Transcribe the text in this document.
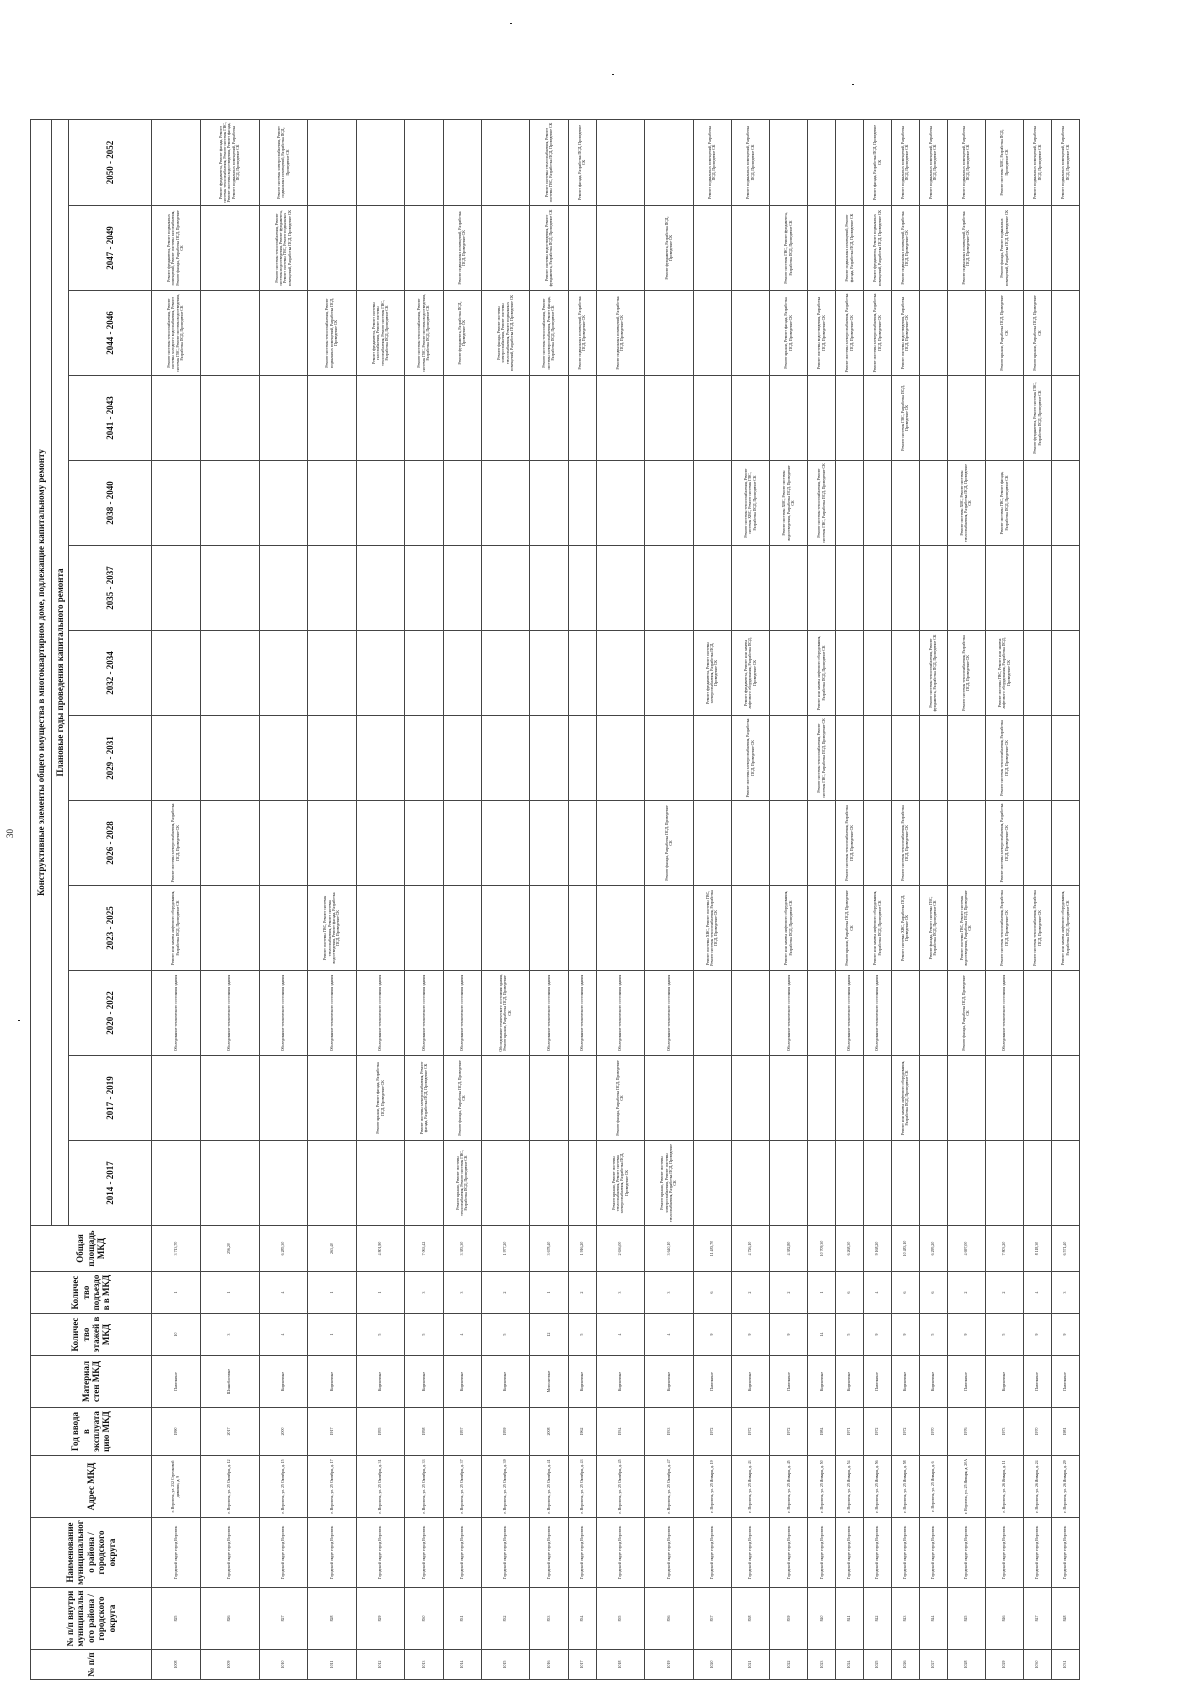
30
№ п/п	№ п/п внутри муниципального района / городского округа	Наименование муниципального района / городского округа	Адрес МКД	Год ввода в эксплуатацию МКД	Материал стен МКД	Количество этажей в МКД	Количество подъездов в МКД	Общая площадь МКД	Конструктивные элементы общего имущества в многоквартирном доме, подлежащие капитальному ремонту												
									Плановые годы проведения капитального ремонта												
									2014 - 2017	2017 - 2019	2020 - 2022	2023 - 2025	2026 - 2028	2029 - 2031	2032 - 2034	2035 - 2037	2038 - 2040	2041 - 2043	2044 - 2046	2047 - 2049	2050 - 2052
1008	825	Городской округ город Воронеж	г. Воронеж, ул. 232 Стрелковой дивизии, д. 9	1990	Панельные	10	1	3 713,70			Обследование технического состояния здания	Ремонт или замена лифтового оборудования, Разработка ПСД, Проведение СК	Ремонт системы электроснабжения, Разработка ПСД, Проведение СК						Ремонт системы теплоснабжения, Ремонт системы холодного водоснабжения, Ремонт системы ГВС, Ремонт системы водоотведения, Разработка ПСД, Проведение СК	Ремонт фундамента, Ремонт подвальных помещений, Ремонт системы газоснабжения, Ремонт фасада, Разработка ПСД, Проведение СК	
1009	826	Городской округ город Воронеж	г. Воронеж, ул. 25 Октября, д. 12	2017	Шлакоблочные	3	1	256,20			Обследование технического состояния здания										Ремонт фундамента, Ремонт фасада, Ремонт системы теплоснабжения, Ремонт системы ГВС, Ремонт системы водоотведения, Ремонт фасада, Ремонт подвальных помещений, Разработка ПСД, Проведение СК
1010	827	Городской округ город Воронеж	г. Воронеж, ул. 25 Октября, д. 15	2000	Кирпичные	4	4	6 285,30			Обследование технического состояния здания									Ремонт системы теплоснабжения, Ремонт системы водоотведения, Ремонт фундамента, Ремонт системы ГВС, Ремонт подвальных помещений, Разработка ПСД, Проведение СК	Ремонт системы электроснабжения, Ремонт подвальных помещений, Разработка ПСД, Проведение СК
1011	828	Городской округ город Воронеж	г. Воронеж, ул. 25 Октября, д. 17	1917	Кирпичные	1	1	263,40			Обследование технического состояния здания	Ремонт системы ГВС, Ремонт системы теплоснабжения, Ремонт системы водоотведения, Ремонт фасада, Разработка ПСД, Проведение СК							Ремонт системы теплоснабжения, Ремонт подвальных помещений, Разработка ПСД, Проведение СК		
1012	829	Городской округ город Воронеж	г. Воронеж, ул. 25 Октября, д. 31	1955	Кирпичные	5	1	4 801,90		Ремонт крыши, Ремонт фасада, Разработка ПСД, Проведение СК	Обследование технического состояния здания								Ремонт фундамента, Ремонт системы газоснабжения, Ремонт системы теплоснабжения, Ремонт системы ГВС, Разработка ПСД, Проведение СК		
1013	830	Городской округ город Воронеж	г. Воронеж, ул. 25 Октября, д. 33	1958	Кирпичные	5	3	7 063,42		Ремонт системы электроснабжения, Ремонт фасада, Разработка ПСД, Проведение СК	Обследование технического состояния здания								Ремонт системы теплоснабжения, Ремонт системы ГВС, Ремонт системы водоотведения, Разработка ПСД, Проведение СК		
1014	831	Городской округ город Воронеж	г. Воронеж, ул. 25 Октября, д. 37	1957	Кирпичные	4	3	3 383,30	Ремонт крыши, Ремонт системы теплоснабжения, Ремонт системы ГВС, Разработка ПСД, Проведение СК	Ремонт фасада, Разработка ПСД, Проведение СК	Обследование технического состояния здания								Ремонт фундамента, Разработка ПСД, Проведение СК	Ремонт подвальных помещений, Разработка ПСД, Проведение СК	
1015	832	Городской округ город Воронеж	г. Воронеж, ул. 25 Октября, д. 39	1959	Кирпичные	5	2	1 977,20			Обследование технического состояния здания, Ремонт крыши, Разработка ПСД, Проведение СК								Ремонт фасада, Ремонт системы электроснабжения, Ремонт системы теплоснабжения, Ремонт подвальных помещений, Разработка ПСД, Проведение СК		
1016	833	Городской округ город Воронеж	г. Воронеж, ул. 25 Октября, д. 41	2008	Монолитные	12	1	3 678,40			Обследование технического состояния здания								Ремонт системы теплоснабжения, Ремонт системы электроснабжения, Ремонт фасада, Разработка ПСД, Проведение СК	Ремонт системы водоотведения, Ремонт фундамента, Разработка ПСД, Проведение СК	Ремонт системы теплоснабжения, Ремонт системы ГВС, Разработка ПСД, Проведение СК
1017	834	Городской округ город Воронеж	г. Воронеж, ул. 25 Октября, д. 43	1962	Кирпичные	5	2	1 916,20			Обследование технического состояния здания								Ремонт подвальных помещений, Разработка ПСД, Проведение СК		Ремонт фасада, Разработка ПСД, Проведение СК
1018	835	Городской округ город Воронеж	г. Воронеж, ул. 25 Октября, д. 45	1934	Кирпичные	4	3	2 636,00	Ремонт крыши, Ремонт системы теплоснабжения, Ремонт системы электроснабжения, Разработка ПСД, Проведение СК	Ремонт фасада, Разработка ПСД, Проведение СК	Обследование технического состояния здания								Ремонт подвальных помещений, Разработка ПСД, Проведение СК		
1019	836	Городской округ город Воронеж	г. Воронеж, ул. 25 Октября, д. 47	1933	Кирпичные	4	3	3 640,10	Ремонт крыши, Ремонт системы электроснабжения, Ремонт системы теплоснабжения, Разработка ПСД, Проведение СК		Обследование технического состояния здания		Ремонт фасада, Разработка ПСД, Проведение СК							Ремонт фундамента, Разработка ПСД, Проведение СК	
1020	837	Городской округ город Воронеж	г. Воронеж, ул. 25 Января, д. 19	1972	Панельные	9	6	11 483,70				Ремонт системы ХВС, Ремонт системы ГВС, Ремонт системы теплоснабжения, Разработка ПСД, Проведение СК			Ремонт фундамента, Ремонт системы электроснабжения, Разработка ПСД, Проведение СК						Ремонт подвальных помещений, Разработка ПСД, Проведение СК
1021	838	Городской округ город Воронеж	г. Воронеж, ул. 25 Января, д. 43	1972	Кирпичные	9	2	4 726,10						Ремонт системы электроснабжения, Разработка ПСД, Проведение СК	Ремонт фундамента, Ремонт или замена лифтового оборудования, Разработка ПСД, Проведение СК		Ремонт системы теплоснабжения, Ремонт системы ХВС, Ремонт системы ГВС, Разработка ПСД, Проведение СК				Ремонт подвальных помещений, Разработка ПСД, Проведение СК
1022	839	Городской округ город Воронеж	г. Воронеж, ул. 25 Января, д. 45	1972	Панельные	9	2	4 382,80			Обследование технического состояния здания	Ремонт или замена лифтового оборудования, Разработка ПСД, Проведение СК					Ремонт системы ХВС, Ремонт системы водоотведения, Разработка ПСД, Проведение СК		Ремонт крыши, Ремонт фасада, Разработка ПСД, Проведение СК	Ремонт системы ГВС, Ремонт фундамента, Разработка ПСД, Проведение СК	
1023	840	Городской округ город Воронеж	г. Воронеж, ул. 25 Января, д. 50	1984	Кирпичные	14	1	10 709,30						Ремонт системы теплоснабжения, Ремонт системы ГВС, Разработка ПСД, Проведение СК	Ремонт или замена лифтового оборудования, Разработка ПСД, Проведение СК		Ремонт системы теплоснабжения, Ремонт системы ГВС, Разработка ПСД, Проведение СК		Ремонт системы водоотведения, Разработка ПСД, Проведение СК		
1024	841	Городской округ город Воронеж	г. Воронеж, ул. 25 Января, д. 54	1971	Кирпичные	5	6	6 268,30			Обследование технического состояния здания	Ремонт крыши, Разработка ПСД, Проведение СК	Ремонт системы теплоснабжения, Разработка ПСД, Проведение СК						Ремонт системы электроснабжения, Разработка ПСД, Проведение СК	Ремонт подвальных помещений, Ремонт фасада, Разработка ПСД, Проведение СК	
1025	842	Городской округ город Воронеж	г. Воронеж, ул. 25 Января, д. 56	1972	Панельные	9	4	9 168,20			Обследование технического состояния здания	Ремонт или замена лифтового оборудования, Разработка ПСД, Проведение СК							Ремонт системы электроснабжения, Разработка ПСД, Проведение СК	Ремонт фундамента, Ремонт подвальных помещений, Разработка ПСД, Проведение СК	Ремонт фасада, Разработка ПСД, Проведение СК
1026	843	Городской округ город Воронеж	г. Воронеж, ул. 25 Января, д. 58	1972	Кирпичные	9	6	10 483,10		Ремонт или замена лифтового оборудования, Разработка ПСД, Проведение СК		Ремонт системы ХВС, Разработка ПСД, Проведение СК	Ремонт системы теплоснабжения, Разработка ПСД, Проведение СК					Ремонт системы ГВС, Разработка ПСД, Проведение СК	Ремонт системы водоотведения, Разработка ПСД, Проведение СК	Ремонт подвальных помещений, Разработка ПСД, Проведение СК	Ремонт подвальных помещений, Разработка ПСД, Проведение СК
1027	844	Городской округ город Воронеж	г. Воронеж, ул. 25 Января, д. 6	1970	Кирпичные	5	6	6 295,20				Ремонт фасада, Ремонт системы ГВС, Разработка ПСД, Проведение СК			Ремонт системы теплоснабжения, Ремонт фундамента, Разработка ПСД, Проведение СК						Ремонт подвальных помещений, Разработка ПСД, Проведение СК
1028	845	Городской округ город Воронеж	г. Воронеж, ул. 25 Января, д. 20А	1976	Панельные	9	2	4 697,00			Ремонт фасада, Разработка ПСД, Проведение СК	Ремонт системы ГВС, Ремонт системы водоотведения, Разработка ПСД, Проведение СК			Ремонт системы теплоснабжения, Разработка ПСД, Проведение СК		Ремонт системы ХВС, Ремонт системы теплоснабжения, Разработка ПСД, Проведение СК			Ремонт подвальных помещений, Разработка ПСД, Проведение СК	Ремонт подвальных помещений, Разработка ПСД, Проведение СК
1029	846	Городской округ город Воронеж	г. Воронеж, ул. 26 Января, д. 11	1973	Кирпичные	5	2	7 803,20			Обследование технического состояния здания	Ремонт системы теплоснабжения, Разработка ПСД, Проведение СК	Ремонт системы электроснабжения, Разработка ПСД, Проведение СК	Ремонт системы теплоснабжения, Разработка ПСД, Проведение СК	Ремонт системы ГВС, Ремонт или замена лифтового оборудования, Разработка ПСД, Проведение СК		Ремонт системы ГВС, Ремонт фасада, Разработка ПСД, Проведение СК		Ремонт крыши, Разработка ПСД, Проведение СК	Ремонт фасада, Ремонт подвальных помещений, Разработка ПСД, Проведение СК	Ремонт системы ХВС, Разработка ПСД, Проведение СК
1030	847	Городской округ город Воронеж	г. Воронеж, ул. 26 Января, д. 24	1970	Панельные	9	4	8 118,30				Ремонт системы теплоснабжения, Разработка ПСД, Проведение СК						Ремонт фундамента, Ремонт системы ГВС, Разработка ПСД, Проведение СК	Ремонт крыши, Разработка ПСД, Проведение СК		Ремонт подвальных помещений, Разработка ПСД, Проведение СК
1031	848	Городской округ город Воронеж	г. Воронеж, ул. 26 Января, д. 29	1981	Панельные	9	3	6 571,40				Ремонт или замена лифтового оборудования, Разработка ПСД, Проведение СК									Ремонт подвальных помещений, Разработка ПСД, Проведение СК
